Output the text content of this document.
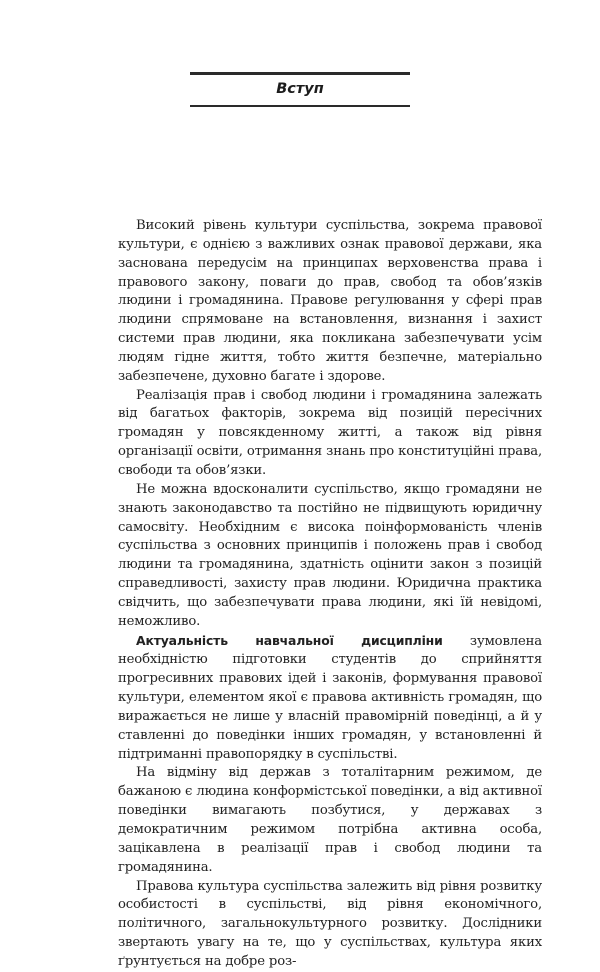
Вступ

Високий рівень культури суспільства, зокрема правової культури, є однією з важливих ознак правової держави, яка заснована передусім на принципах верховенства права і правового закону, поваги до прав, свобод та обов’язків людини і громадянина. Правове регулювання у сфері прав людини спрямоване на встановлення, визнання і захист системи прав людини, яка покликана забезпечувати усім людям гідне життя, тобто життя безпечне, матеріально забезпечене, духовно багате і здорове.

Реалізація прав і свобод людини і громадянина залежать від багатьох факторів, зокрема від позицій пересічних громадян у повсякденному житті, а також від рівня організації освіти, отримання знань про конституційні права, свободи та обов’язки.

Не можна вдосконалити суспільство, якщо громадяни не знають законодавство та постійно не підвищують юридичну самосвіту. Необхідним є висока поінформованість членів суспільства з основних принципів і положень прав і свобод людини та громадянина, здатність оцінити закон з позицій справедливості, захисту прав людини. Юридична практика свідчить, що забезпечувати права людини, які їй невідомі, неможливо.

Актуальність навчальної дисципліни зумовлена необхідністю підготовки студентів до сприйняття прогресивних правових ідей і законів, формування правової культури, елементом якої є правова активність громадян, що виражається не лише у власній правомірній поведінці, а й у ставленні до поведінки інших громадян, у встановленні й підтриманні правопорядку в суспільстві.

На відміну від держав з тоталітарним режимом, де бажаною є людина конформістської поведінки, а від активної поведінки вимагають позбутися, у державах з демократичним режимом потрібна активна особа, зацікавлена в реалізації прав і свобод людини та громадянина.

Правова культура суспільства залежить від рівня розвитку особистості в суспільстві, від рівня економічного, політичного, загальнокультурного розвитку. Дослідники звертають увагу на те, що у суспільствах, культура яких ґрунтується на добре роз-
